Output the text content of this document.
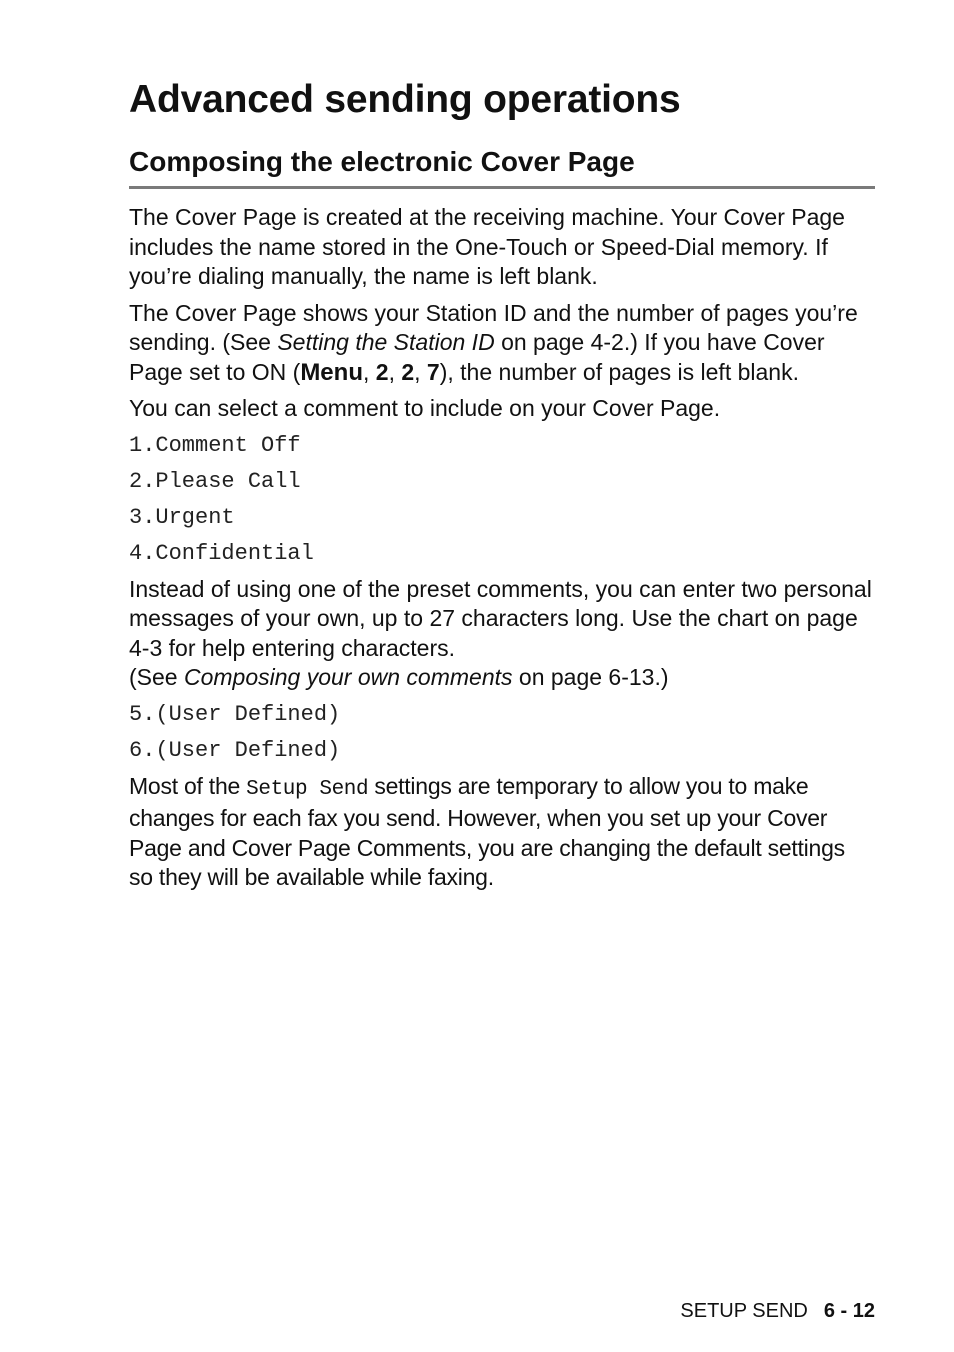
Advanced sending operations
Composing the electronic Cover Page

The Cover Page is created at the receiving machine. Your Cover Page includes the name stored in the One-Touch or Speed-Dial memory. If you’re dialing manually, the name is left blank.

The Cover Page shows your Station ID and the number of pages you’re sending. (See Setting the Station ID on page 4-2.) If you have Cover Page set to ON (Menu, 2, 2, 7), the number of pages is left blank.

You can select a comment to include on your Cover Page.

1.Comment Off
2.Please Call
3.Urgent
4.Confidential

Instead of using one of the preset comments, you can enter two personal messages of your own, up to 27 characters long. Use the chart on page 4-3 for help entering characters.
(See Composing your own comments on page 6-13.)

5.(User Defined)
6.(User Defined)

Most of the Setup Send settings are temporary to allow you to make changes for each fax you send. However, when you set up your Cover Page and Cover Page Comments, you are changing the default settings so they will be available while faxing.

SETUP SEND 6 - 12
